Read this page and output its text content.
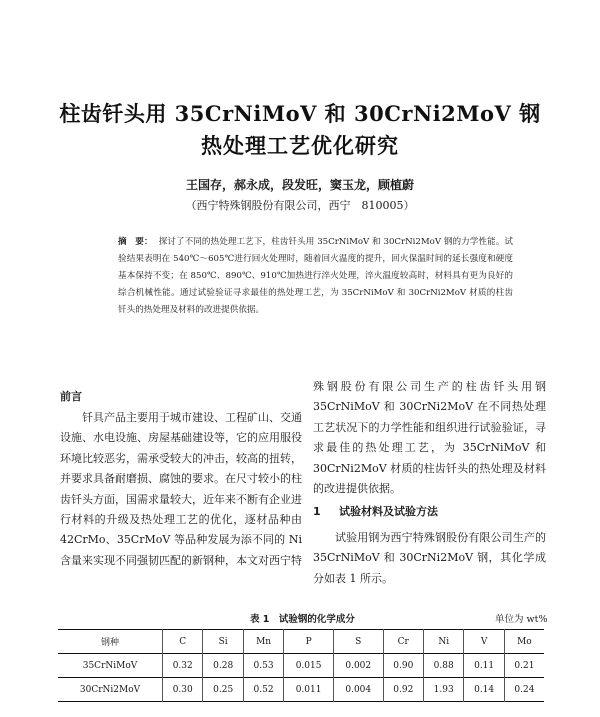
柱齿钎头用 35CrNiMoV 和 30CrNi2MoV 钢
热处理工艺优化研究
王国存，郝永成，段发旺，窦玉龙，顾植蔚
（西宁特殊钢股份有限公司，西宁　810005）
摘　要： 探讨了不同的热处理工艺下，柱齿钎头用 35CrNiMoV 和 30CrNi2MoV 钢的力学性能。试验结果表明在 540℃～605℃进行回火处理时，随着回火温度的提升，回火保温时间的延长强度和硬度基本保持不变；在 850℃、890℃、910℃加热进行淬火处理，淬火温度较高时，材料具有更为良好的综合机械性能。通过试验验证寻求最佳的热处理工艺，为 35CrNiMoV 和 30CrNi2MoV 材质的柱齿钎头的热处理及材料的改进提供依据。
前言
钎具产品主要用于城市建设、工程矿山、交通设施、水电设施、房屋基础建设等，它的应用服役环境比较恶劣，需承受较大的冲击，较高的扭转，并要求具备耐磨损、腐蚀的要求。在尺寸较小的柱齿钎头方面，国需求量较大，近年来不断有企业进行材料的升级及热处理工艺的优化，逐材品种由 42CrMo、35CrMoV 等品种发展为添不同的 Ni 含量来实现不同强韧匹配的新钢种，本文对西宁特
殊钢股份有限公司生产的柱齿钎头用钢 35CrNiMoV 和 30CrNi2MoV 在不同热处理工艺状况下的力学性能和组织进行试验验证，寻求最佳的热处理工艺，为 35CrNiMoV 和 30CrNi2MoV 材质的柱齿钎头的热处理及材料的改进提供依据。
1 试验材料及试验方法
试验用钢为西宁特殊钢股份有限公司生产的 35CrNiMoV 和 30CrNi2MoV 钢，其化学成分如表 1 所示。
表 1　试验钢的化学成分	单位为 wt%
钢种	C	Si	Mn	P	S	Cr	Ni	V	Mo
35CrNiMoV	0.32	0.28	0.53	0.015	0.002	0.90	0.88	0.11	0.21
30CrNi2MoV	0.30	0.25	0.52	0.011	0.004	0.92	1.93	0.14	0.24
